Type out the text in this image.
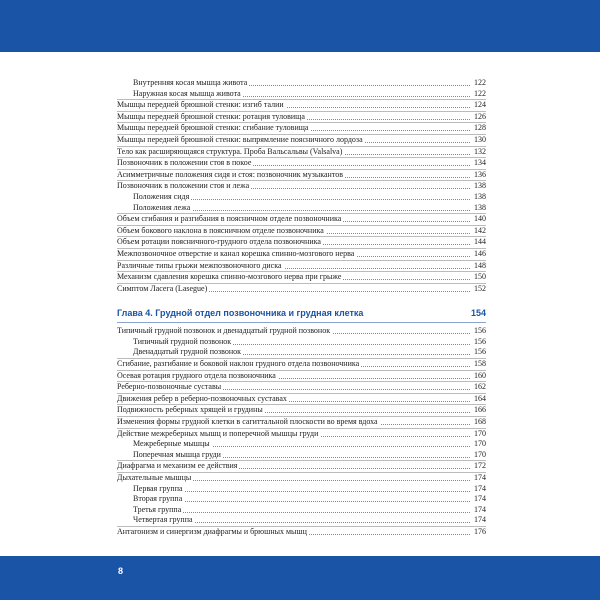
Внутренняя косая мышца живота	122
Наружная косая мышца живота	122
Мышцы передней брюшной стенки: изгиб талии	124
Мышцы передней брюшной стенки: ротация туловища	126
Мышцы передней брюшной стенки: сгибание туловища	128
Мышцы передней брюшной стенки: выпрямление поясничного лордоза	130
Тело как расширяющаяся структура. Проба Вальсальвы (Valsalva)	132
Позвоночник в положении стоя в покое	134
Асимметричные положения сидя и стоя: позвоночник музыкантов	136
Позвоночник в положении стоя и лежа	138
Положения сидя	138
Положения лежа	138
Объем сгибания и разгибания в поясничном отделе позвоночника	140
Объем бокового наклона в поясничном отделе позвоночника	142
Объем ротации поясничного-грудного отдела позвоночника	144
Межпозвоночное отверстие и канал корешка спинно-мозгового нерва	146
Различные типы грыжи межпозвоночного диска	148
Механизм сдавления корешка спинно-мозгового нерва при грыже	150
Симптом Ласега (Lasegue)	152
Глава 4. Грудной отдел позвоночника и грудная клетка	154
Типичный грудной позвонок и двенадцатый грудной позвонок	156
Типичный грудной позвонок	156
Двенадцатый грудной позвонок	156
Сгибание, разгибание и боковой наклон грудного отдела позвоночника	158
Осевая ротация грудного отдела позвоночника	160
Реберно-позвоночные суставы	162
Движения ребер в реберно-позвоночных суставах	164
Подвижность реберных хрящей и грудины	166
Изменения формы грудной клетки в сагиттальной плоскости во время вдоха	168
Действие межреберных мышц и поперечной мышцы груди	170
Межреберные мышцы	170
Поперечная мышца груди	170
Диафрагма и механизм ее действия	172
Дыхательные мышцы	174
Первая группа	174
Вторая группа	174
Третья группа	174
Четвертая группа	174
Антагонизм и синергизм диафрагмы и брюшных мышц	176
8
